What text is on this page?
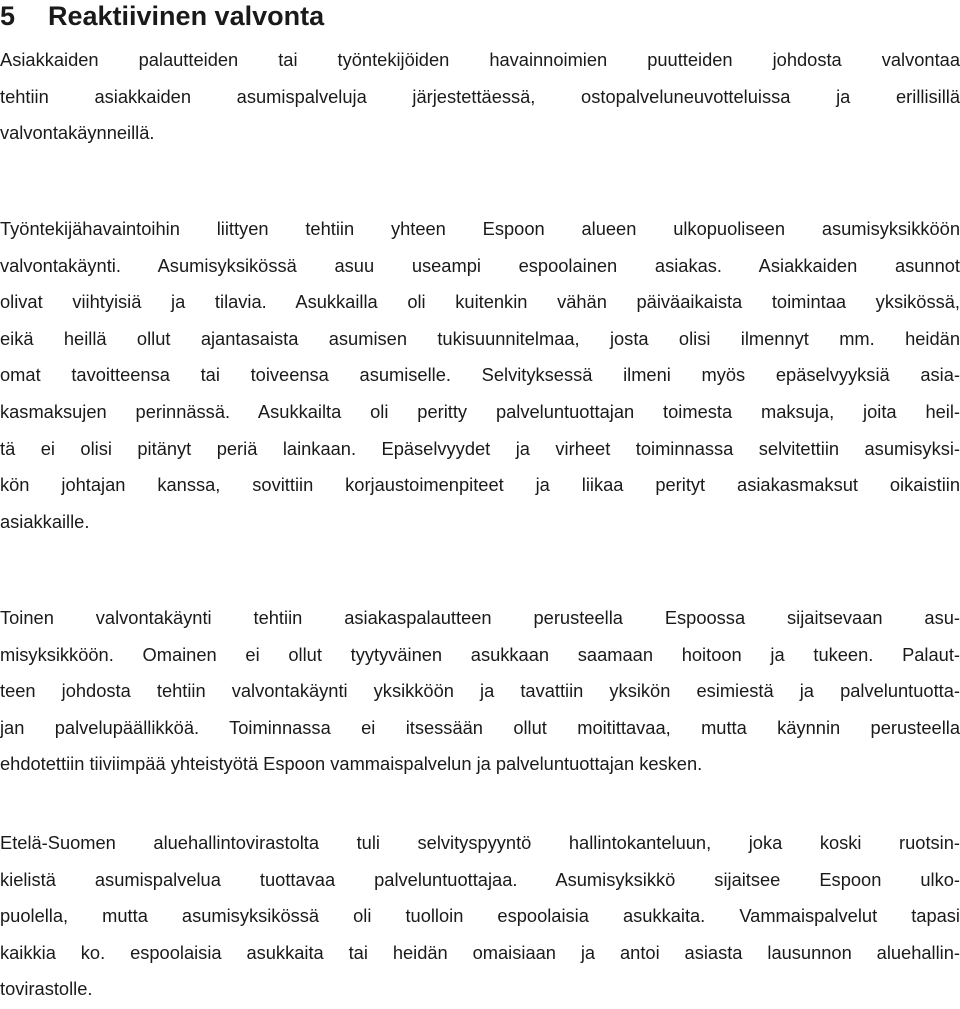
5 Reaktiivinen valvonta
Asiakkaiden palautteiden tai työntekijöiden havainnoimien puutteiden johdosta valvontaa
tehtiin asiakkaiden asumispalveluja järjestettäessä, ostopalveluneuvotteluissa ja erillisillä
valvontakäynneillä.
Työntekijähavaintoihin liittyen tehtiin yhteen Espoon alueen ulkopuoliseen asumisyksikköön
valvontakäynti. Asumisyksikössä asuu useampi espoolainen asiakas. Asiakkaiden asunnot
olivat viihtyisiä ja tilavia. Asukkailla oli kuitenkin vähän päiväaikaista toimintaa yksikössä,
eikä heillä ollut ajantasaista asumisen tukisuunnitelmaa, josta olisi ilmennyt mm. heidän
omat tavoitteensa tai toiveensa asumiselle. Selvityksessä ilmeni myös epäselvyyksiä asia-
kasmaksujen perinnässä. Asukkailta oli peritty palveluntuottajan toimesta maksuja, joita heil-
tä ei olisi pitänyt periä lainkaan. Epäselvyydet ja virheet toiminnassa selvitettiin asumisyksi-
kön johtajan kanssa, sovittiin korjaustoimenpiteet ja liikaa perityt asiakasmaksut oikaistiin
asiakkaille.
Toinen valvontakäynti tehtiin asiakaspalautteen perusteella Espoossa sijaitsevaan asu-
misyksikköön. Omainen ei ollut tyytyväinen asukkaan saamaan hoitoon ja tukeen. Palaut-
teen johdosta tehtiin valvontakäynti yksikköön ja tavattiin yksikön esimiestä ja palveluntuotta-
jan palvelupäällikköä. Toiminnassa ei itsessään ollut moitittavaa, mutta käynnin perusteella
ehdotettiin tiiviimpää yhteistyötä Espoon vammaispalvelun ja palveluntuottajan kesken.
Etelä-Suomen aluehallintovirastolta tuli selvityspyyntö hallintokanteluun, joka koski ruotsin-
kielistä asumispalvelua tuottavaa palveluntuottajaa. Asumisyksikkö sijaitsee Espoon ulko-
puolella, mutta asumisyksikössä oli tuolloin espoolaisia asukkaita. Vammaispalvelut tapasi
kaikkia ko. espoolaisia asukkaita tai heidän omaisiaan ja antoi asiasta lausunnon aluehallin-
tovirastolle.
